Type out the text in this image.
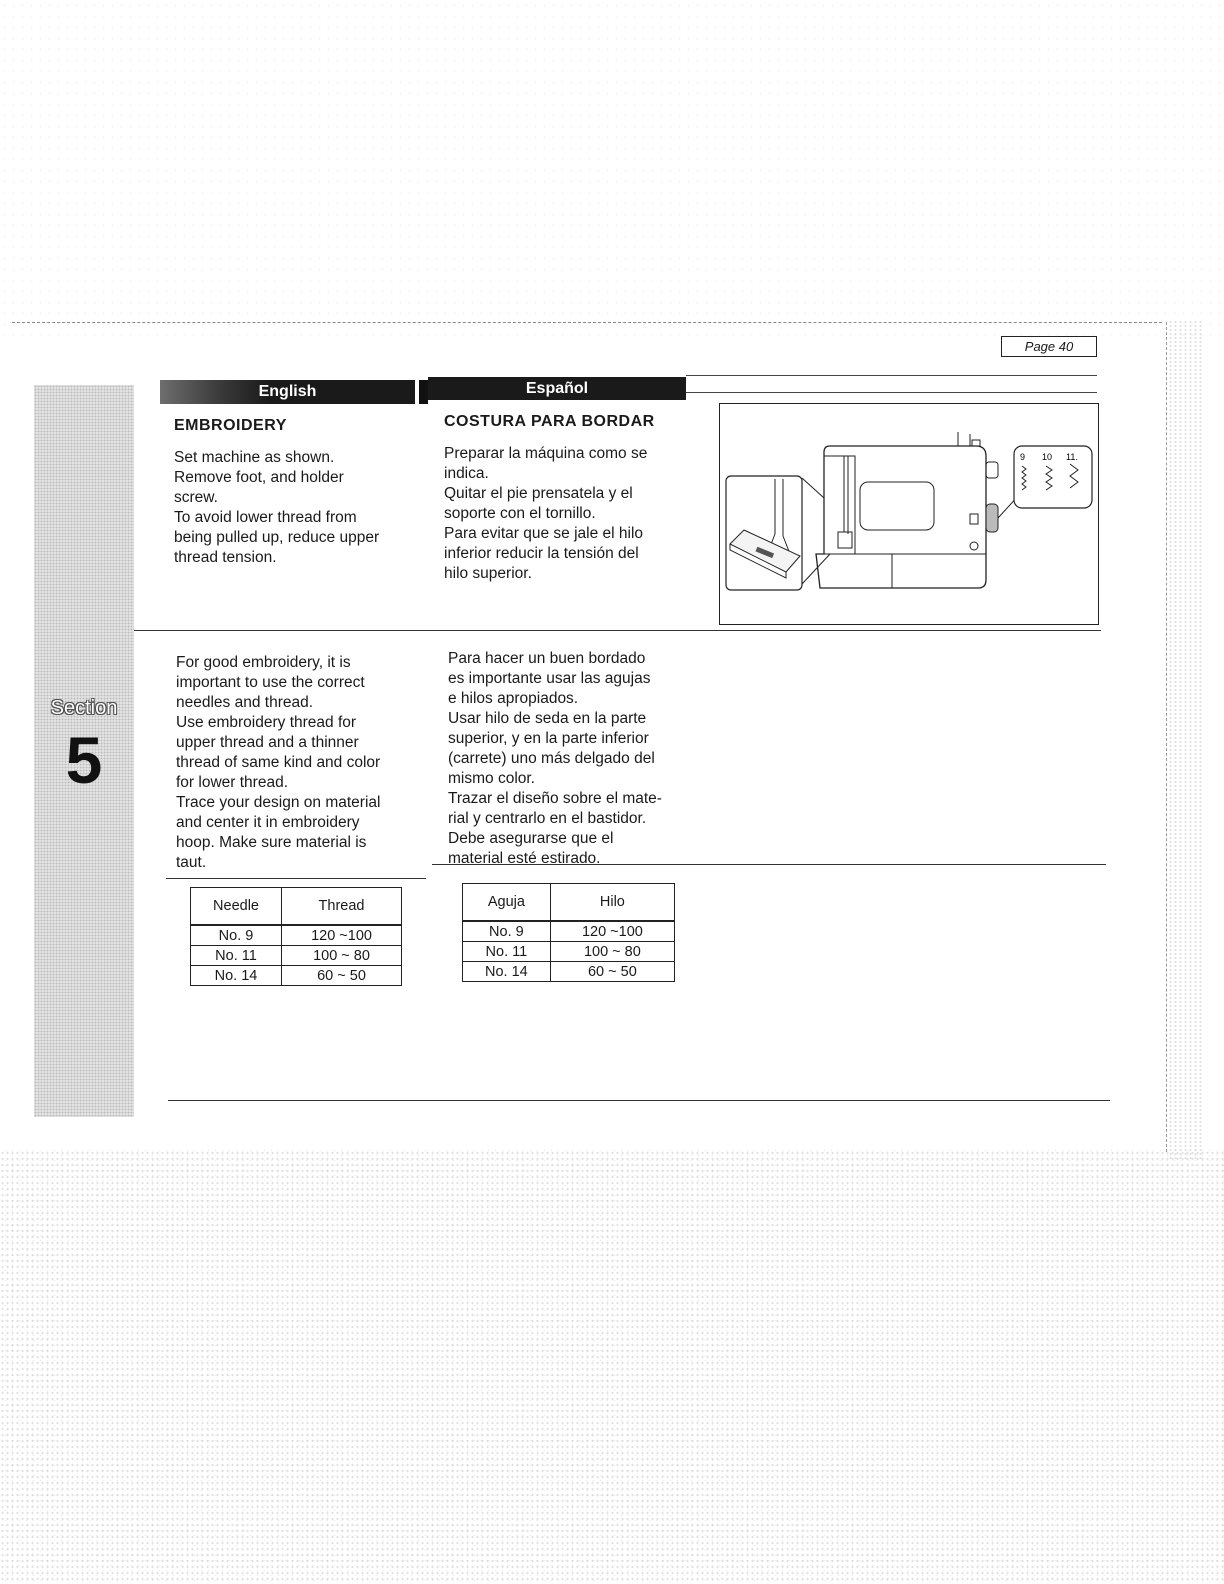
Section
5
Page 40
English	Español
EMBROIDERY
Set machine as shown.
Remove foot, and holder
screw.
To avoid lower thread from
being pulled up, reduce upper
thread tension.
COSTURA PARA BORDAR
Preparar la máquina como se
indica.
Quitar el pie prensatela y el
soporte con el tornillo.
Para evitar que se jale el hilo
inferior reducir la tensión del
hilo superior.
9 10 11.
For good embroidery, it is
important to use the correct
needles and thread.
Use embroidery thread for
upper thread and a thinner
thread of same kind and color
for lower thread.
Trace your design on material
and center it in embroidery
hoop. Make sure material is
taut.
Para hacer un buen bordado
es importante usar las agujas
e hilos apropiados.
Usar hilo de seda en la parte
superior, y en la parte inferior
(carrete) uno más delgado del
mismo color.
Trazar el diseño sobre el mate-
rial y centrarlo en el bastidor.
Debe asegurarse que el
material esté estirado.
Needle	Thread
No. 9	120 ~100
No. 11	100 ~ 80
No. 14	60 ~ 50
Aguja	Hilo
No. 9	120 ~100
No. 11	100 ~ 80
No. 14	60 ~ 50
